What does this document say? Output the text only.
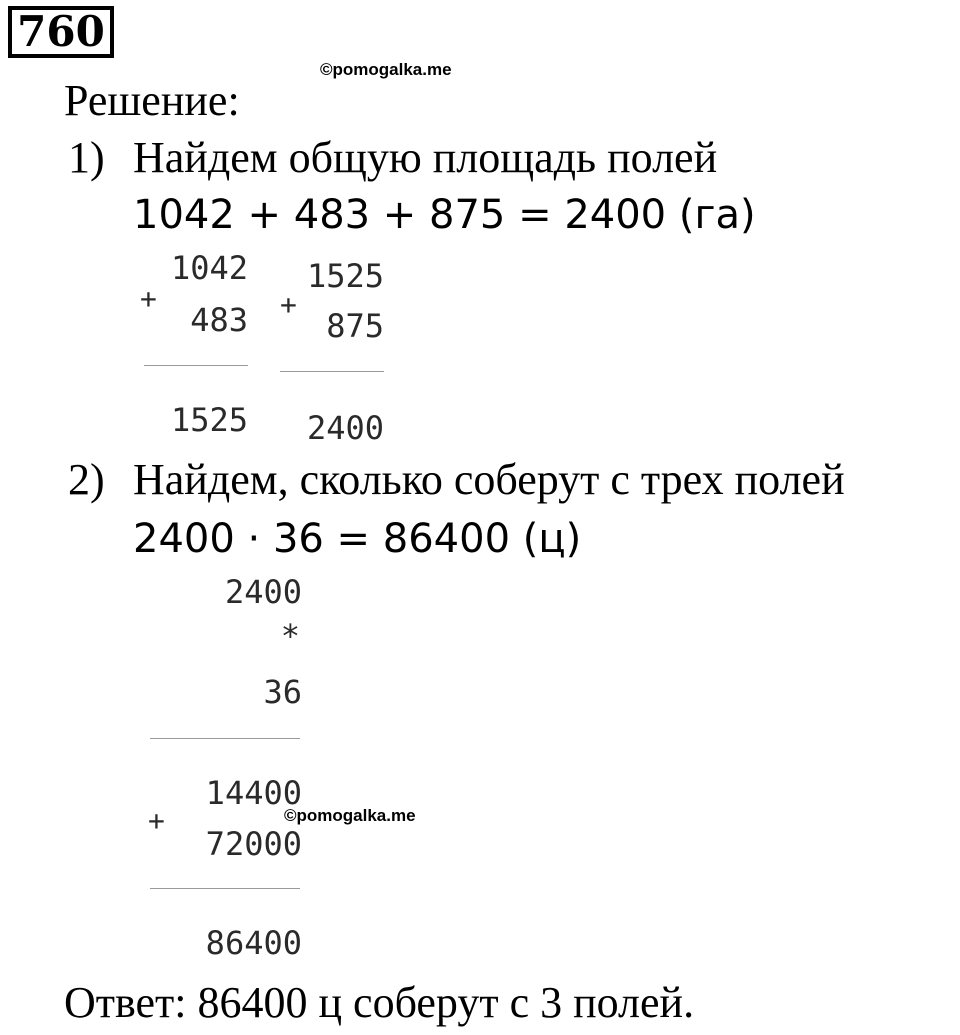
760
©pomogalka.me
Решение:
1) Найдем общую площадь полей
1042 + 483 + 875 = 2400 (га)
1042
+
483
1525
1525
+
875
2400
2) Найдем, сколько соберут с трех полей
2400 · 36 = 86400 (ц)
2400
*
36
14400
+
72000
86400
©pomogalka.me
Ответ: 86400 ц соберут с 3 полей.
